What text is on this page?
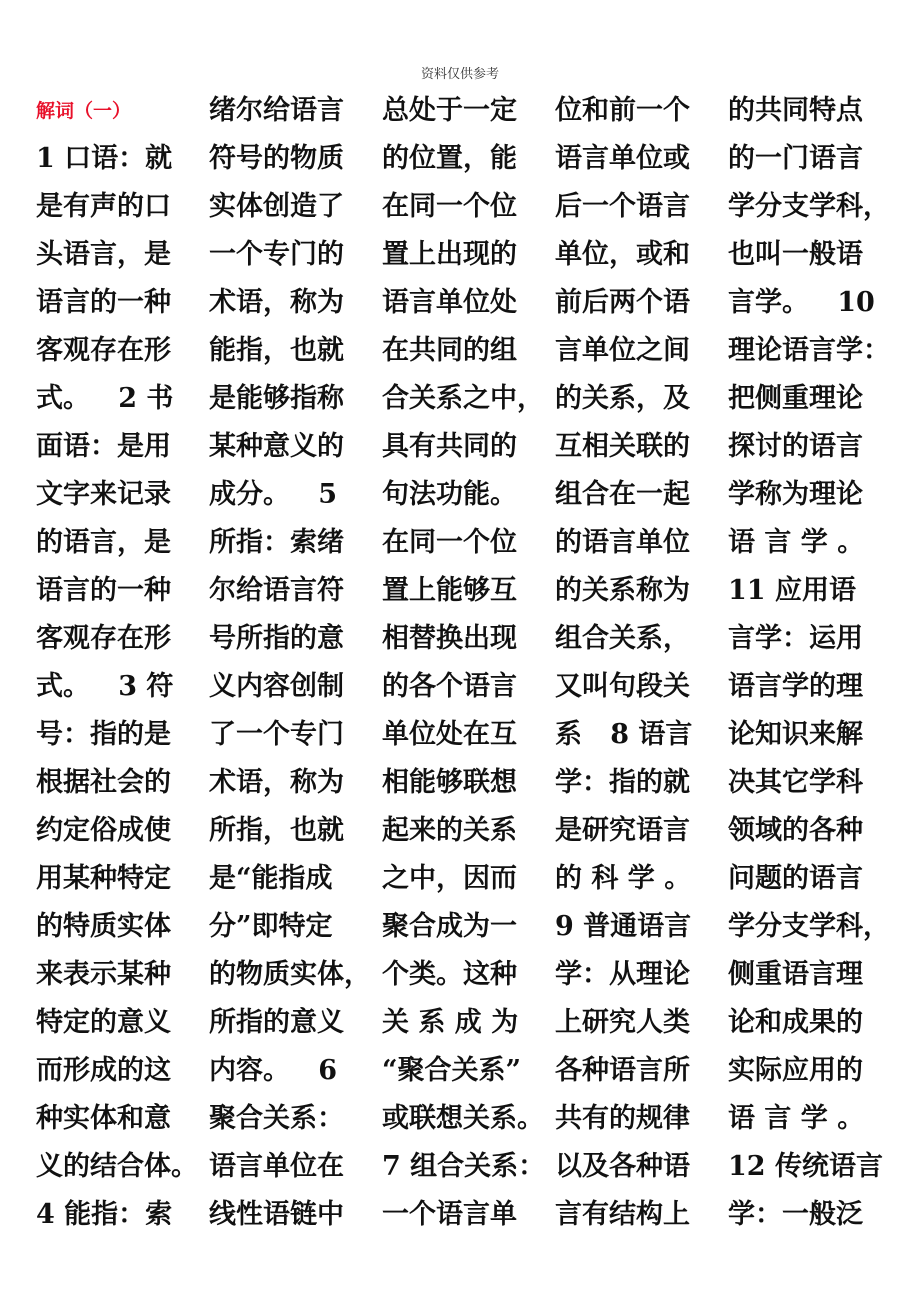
资料仅供参考
解词（一）
1 口语：就
是有声的口
头语言，是
语言的一种
客观存在形
式。   2 书
面语：是用
文字来记录
的语言，是
语言的一种
客观存在形
式。   3 符
号：指的是
根据社会的
约定俗成使
用某种特定
的特质实体
来表示某种
特定的意义
而形成的这
种实体和意
义的结合体。
4 能指：索
绪尔给语言
符号的物质
实体创造了
一个专门的
术语，称为
能指，也就
是能够指称
某种意义的
成分。   5
所指：索绪
尔给语言符
号所指的意
义内容创制
了一个专门
术语，称为
所指，也就
是“能指成
分”即特定
的物质实体，
所指的意义
内容。   6
聚合关系：
语言单位在
线性语链中
总处于一定
的位置，能
在同一个位
置上出现的
语言单位处
在共同的组
合关系之中，
具有共同的
句法功能。
在同一个位
置上能够互
相替换出现
的各个语言
单位处在互
相能够联想
起来的关系
之中，因而
聚合成为一
个类。这种
关 系 成 为
“聚合关系”
或联想关系。
7 组合关系：
一个语言单
位和前一个
语言单位或
后一个语言
单位，或和
前后两个语
言单位之间
的关系，及
互相关联的
组合在一起
的语言单位
的关系称为
组合关系，
又叫句段关
系   8 语言
学：指的就
是研究语言
的 科 学 。
9 普通语言
学：从理论
上研究人类
各种语言所
共有的规律
以及各种语
言有结构上
的共同特点
的一门语言
学分支学科，
也叫一般语
言学。   10
理论语言学：
把侧重理论
探讨的语言
学称为理论
语 言 学 。
11 应用语
言学：运用
语言学的理
论知识来解
决其它学科
领域的各种
问题的语言
学分支学科，
侧重语言理
论和成果的
实际应用的
语 言 学 。
12 传统语言
学：一般泛
